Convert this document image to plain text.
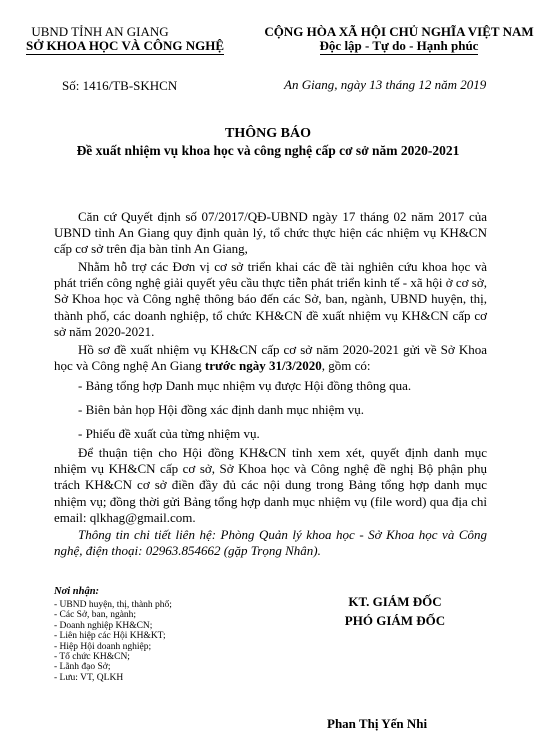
UBND TỈNH AN GIANG
SỞ KHOA HỌC VÀ CÔNG NGHỆ
CỘNG HÒA XÃ HỘI CHỦ NGHĨA VIỆT NAM
Độc lập - Tự do - Hạnh phúc
Số: 1416/TB-SKHCN	An Giang, ngày 13 tháng 12 năm 2019
THÔNG BÁO
Đề xuất nhiệm vụ khoa học và công nghệ cấp cơ sở năm 2020-2021
Căn cứ Quyết định số 07/2017/QĐ-UBND ngày 17 tháng 02 năm 2017 của UBND tỉnh An Giang quy định quản lý, tổ chức thực hiện các nhiệm vụ KH&CN cấp cơ sở trên địa bàn tỉnh An Giang,
Nhằm hỗ trợ các Đơn vị cơ sở triển khai các đề tài nghiên cứu khoa học và phát triển công nghệ giải quyết yêu cầu thực tiễn phát triển kinh tế - xã hội ở cơ sở, Sở Khoa học và Công nghệ thông báo đến các Sở, ban, ngành, UBND huyện, thị, thành phố, các doanh nghiệp, tổ chức KH&CN đề xuất nhiệm vụ KH&CN cấp cơ sở năm 2020-2021.
Hồ sơ đề xuất nhiệm vụ KH&CN cấp cơ sở năm 2020-2021 gửi về Sở Khoa học và Công nghệ An Giang trước ngày 31/3/2020, gồm có:
- Bảng tổng hợp Danh mục nhiệm vụ được Hội đồng thông qua.
- Biên bản họp Hội đồng xác định danh mục nhiệm vụ.
- Phiếu đề xuất của từng nhiệm vụ.
Để thuận tiện cho Hội đồng KH&CN tỉnh xem xét, quyết định danh mục nhiệm vụ KH&CN cấp cơ sở, Sở Khoa học và Công nghệ đề nghị Bộ phận phụ trách KH&CN cơ sở điền đầy đủ các nội dung trong Bảng tổng hợp danh mục nhiệm vụ; đồng thời gửi Bảng tổng hợp danh mục nhiệm vụ (file word) qua địa chỉ email: qlkhag@gmail.com.
Thông tin chi tiết liên hệ: Phòng Quản lý khoa học - Sở Khoa học và Công nghệ, điện thoại: 02963.854662 (gặp Trọng Nhân).
Nơi nhận:
- UBND huyện, thị, thành phố;
- Các Sở, ban, ngành;
- Doanh nghiệp KH&CN;
- Liên hiệp các Hội KH&KT;
- Hiệp Hội doanh nghiệp;
- Tổ chức KH&CN;
- Lãnh đạo Sở;
- Lưu: VT, QLKH
KT. GIÁM ĐỐC
PHÓ GIÁM ĐỐC
Phan Thị Yến Nhi
